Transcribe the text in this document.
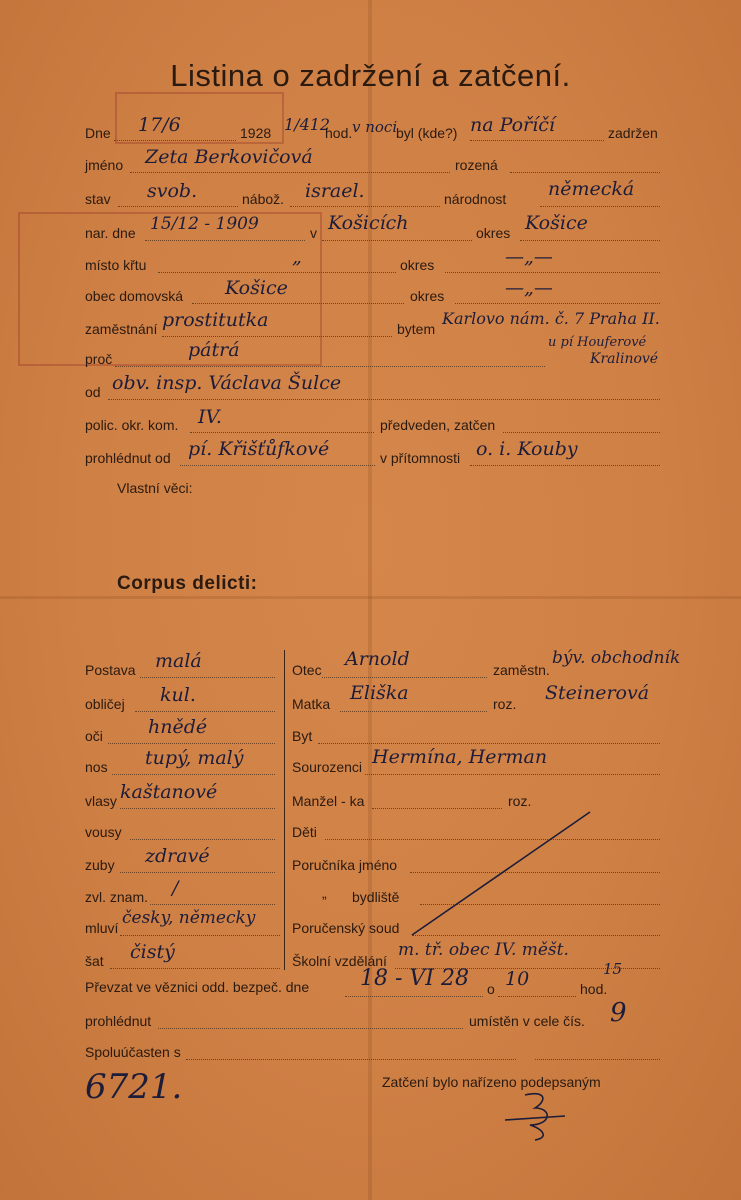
Listina o zadržení a zatčení.
Dne 17/6	1928 1/412
hod. v noci
byl (kde?) na Poříčí	zadržen
jméno Zeta Berkovičová	rozená
stav svob.	nábož. israel.	národnost německá
nar. dne 15/12 - 1909	v Košicích	okres Košice
místo křtu	„	okres	—„—
obec domovská Košice	okres	—„—
zaměstnání prostitutka	bytem
Karlovo nám. č. 7 Praha II.
proč	pátrá	u pí Houferové
Kralinové
od obv. insp. Václava Šulce
polic. okr. kom. IV.	předveden, zatčen
prohlédnut od pí. Křišťůfkové	v přítomnosti o. i. Kouby
Vlastní věci:
Corpus delicti:
Postava malá
obličej kul.
oči hnědé
nos tupý, malý
vlasy kaštanové
vousy
zuby zdravé
zvl. znam. /
mluví česky, německy
šat čistý
Otec Arnold	zaměstn.
býv. obchodník
Matka Eliška	roz. Steinerová
Byt
Sourozenci Hermína, Herman
Manžel - ka	roz.
Děti
Poručníka jméno
„ bydliště
Poručenský soud
Školní vzdělání
m. tř. obec IV. měšt.
Převzat ve věznici odd. bezpeč. dne 18 - VI 28 o 10	hod.
15
prohlédnut	umístěn v cele čís. 9
Spoluúčasten s
6721.	Zatčení bylo nařízeno podepsaným
